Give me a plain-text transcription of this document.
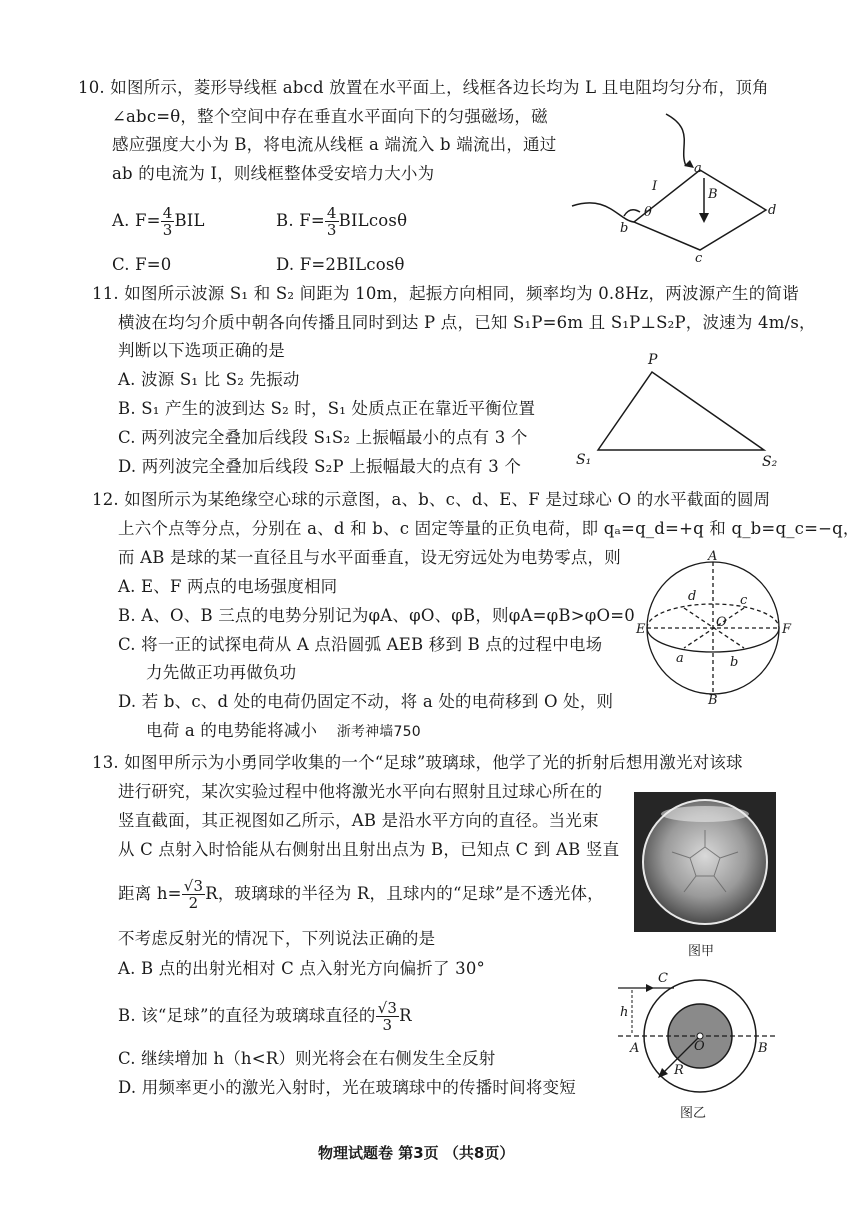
10. 如图所示，菱形导线框 abcd 放置在水平面上，线框各边长均为 L 且电阻均匀分布，顶角
∠abc=θ，整个空间中存在垂直水平面向下的匀强磁场，磁
感应强度大小为 B，将电流从线框 a 端流入 b 端流出，通过
ab 的电流为 I，则线框整体受安培力大小为
A. $F= \frac{4}{3}$ BIL	B. $F= \frac{4}{3}$ BILcosθ
C. F=0	D. F=2BILcosθ
a
b
c
d
I
B
θ
11. 如图所示波源 S₁ 和 S₂ 间距为 10m，起振方向相同，频率均为 0.8Hz，两波源产生的简谐
横波在均匀介质中朝各向传播且同时到达 P 点，已知 S₁P=6m 且 S₁P⊥S₂P，波速为 4m/s，
判断以下选项正确的是
A. 波源 S₁ 比 S₂ 先振动
B. S₁ 产生的波到达 S₂ 时，S₁ 处质点正在靠近平衡位置
C. 两列波完全叠加后线段 S₁S₂ 上振幅最小的点有 3 个
D. 两列波完全叠加后线段 S₂P 上振幅最大的点有 3 个
P
S₁	S₂
12. 如图所示为某绝缘空心球的示意图，a、b、c、d、E、F 是过球心 O 的水平截面的圆周
上六个点等分点，分别在 a、d 和 b、c 固定等量的正负电荷，即 qₐ=q_d=+q 和 q_b=q_c=−q，
而 AB 是球的某一直径且与水平面垂直，设无穷远处为电势零点，则
A. E、F 两点的电场强度相同
B. A、O、B 三点的电势分别记为φA、φO、φB，则φA=φB>φO=0
C. 将一正的试探电荷从 A 点沿圆弧 AEB 移到 B 点的过程中电场
力先做正功再做负功
D. 若 b、c、d 处的电荷仍固定不动，将 a 处的电荷移到 O 处，则
电荷 a 的电势能将减小 浙考神墙750
A
B
E	F
O
a	b
c
d
13. 如图甲所示为小勇同学收集的一个“足球”玻璃球，他学了光的折射后想用激光对该球
进行研究，某次实验过程中他将激光水平向右照射且过球心所在的
竖直截面，其正视图如乙所示，AB 是沿水平方向的直径。当光束
从 C 点射入时恰能从右侧射出且射出点为 B，已知点 C 到 AB 竖直
距离 $h= \frac{√3}{2}$ R，玻璃球的半径为 R，且球内的“足球”是不透光体，
不考虑反射光的情况下，下列说法正确的是
A. B 点的出射光相对 C 点入射光方向偏折了 30°
B. 该“足球”的直径为玻璃球直径的 $\frac{√3}{3}$ R
C. 继续增加 h（h<R）则光将会在右侧发生全反射
D. 用频率更小的激光入射时，光在玻璃球中的传播时间将变短
图甲
C
h
A	B
O
R
图乙
物理试题卷 第3页 （共8页）
